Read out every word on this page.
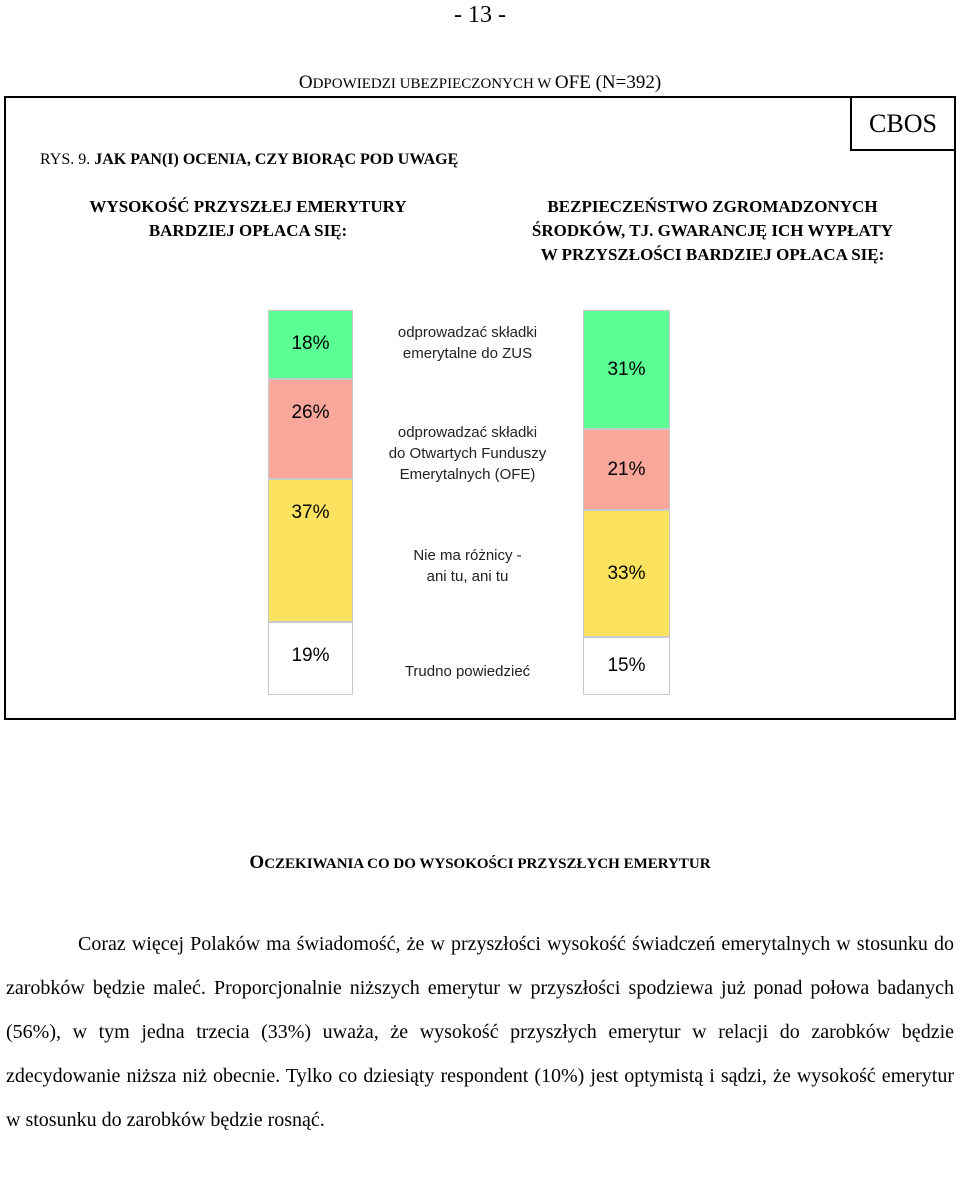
- 13 -
ODPOWIEDZI UBEZPIECZONYCH W OFE (N=392)
CBOS
RYS. 9. JAK PAN(I) OCENIA, CZY BIORĄC POD UWAGĘ
WYSOKOŚĆ PRZYSZŁEJ EMERYTURY
BARDZIEJ OPŁACA SIĘ:
BEZPIECZEŃSTWO ZGROMADZONYCH
ŚRODKÓW, TJ. GWARANCJĘ ICH WYPŁATY
W PRZYSZŁOŚCI BARDZIEJ OPŁACA SIĘ:
18%
26%
37%
19%
31%
21%
33%
15%
odprowadzać składki
emerytalne do ZUS
odprowadzać składki
do Otwartych Funduszy
Emerytalnych (OFE)
Nie ma różnicy -
ani tu, ani tu
Trudno powiedzieć
OCZEKIWANIA CO DO WYSOKOŚCI PRZYSZŁYCH EMERYTUR

Coraz więcej Polaków ma świadomość, że w przyszłości wysokość świadczeń emerytalnych w stosunku do zarobków będzie maleć. Proporcjonalnie niższych emerytur w przyszłości spodziewa już ponad połowa badanych (56%), w tym jedna trzecia (33%) uważa, że wysokość przyszłych emerytur w relacji do zarobków będzie zdecydowanie niższa niż obecnie. Tylko co dziesiąty respondent (10%) jest optymistą i sądzi, że wysokość emerytur w stosunku do zarobków będzie rosnąć.
